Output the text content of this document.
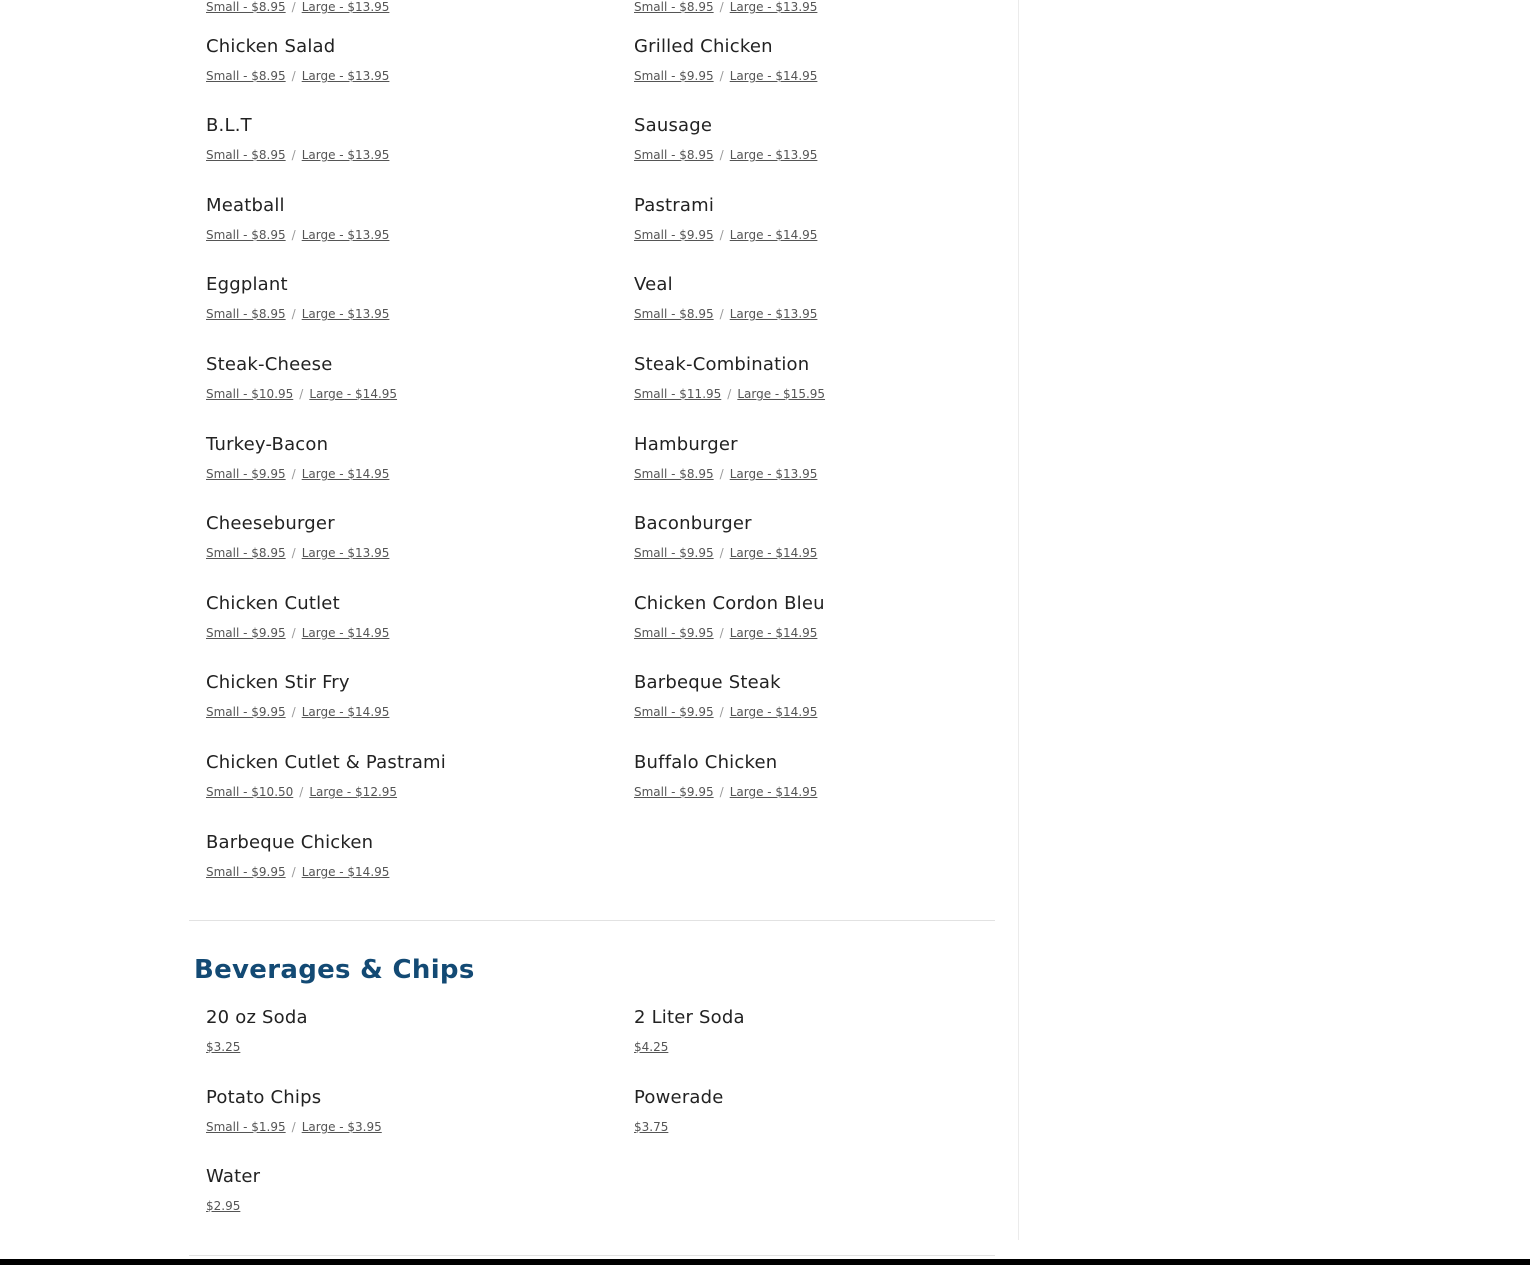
Small - $8.95 / Large - $13.95	Small - $8.95 / Large - $13.95
Chicken Salad
Small - $8.95 / Large - $13.95
Grilled Chicken
Small - $9.95 / Large - $14.95
B.L.T
Small - $8.95 / Large - $13.95
Sausage
Small - $8.95 / Large - $13.95
Meatball
Small - $8.95 / Large - $13.95
Pastrami
Small - $9.95 / Large - $14.95
Eggplant
Small - $8.95 / Large - $13.95
Veal
Small - $8.95 / Large - $13.95
Steak-Cheese
Small - $10.95 / Large - $14.95
Steak-Combination
Small - $11.95 / Large - $15.95
Turkey-Bacon
Small - $9.95 / Large - $14.95
Hamburger
Small - $8.95 / Large - $13.95
Cheeseburger
Small - $8.95 / Large - $13.95
Baconburger
Small - $9.95 / Large - $14.95
Chicken Cutlet
Small - $9.95 / Large - $14.95
Chicken Cordon Bleu
Small - $9.95 / Large - $14.95
Chicken Stir Fry
Small - $9.95 / Large - $14.95
Barbeque Steak
Small - $9.95 / Large - $14.95
Chicken Cutlet & Pastrami
Small - $10.50 / Large - $12.95
Buffalo Chicken
Small - $9.95 / Large - $14.95
Barbeque Chicken
Small - $9.95 / Large - $14.95
Beverages & Chips
20 oz Soda
$3.25
2 Liter Soda
$4.25
Potato Chips
Small - $1.95 / Large - $3.95
Powerade
$3.75
Water
$2.95
